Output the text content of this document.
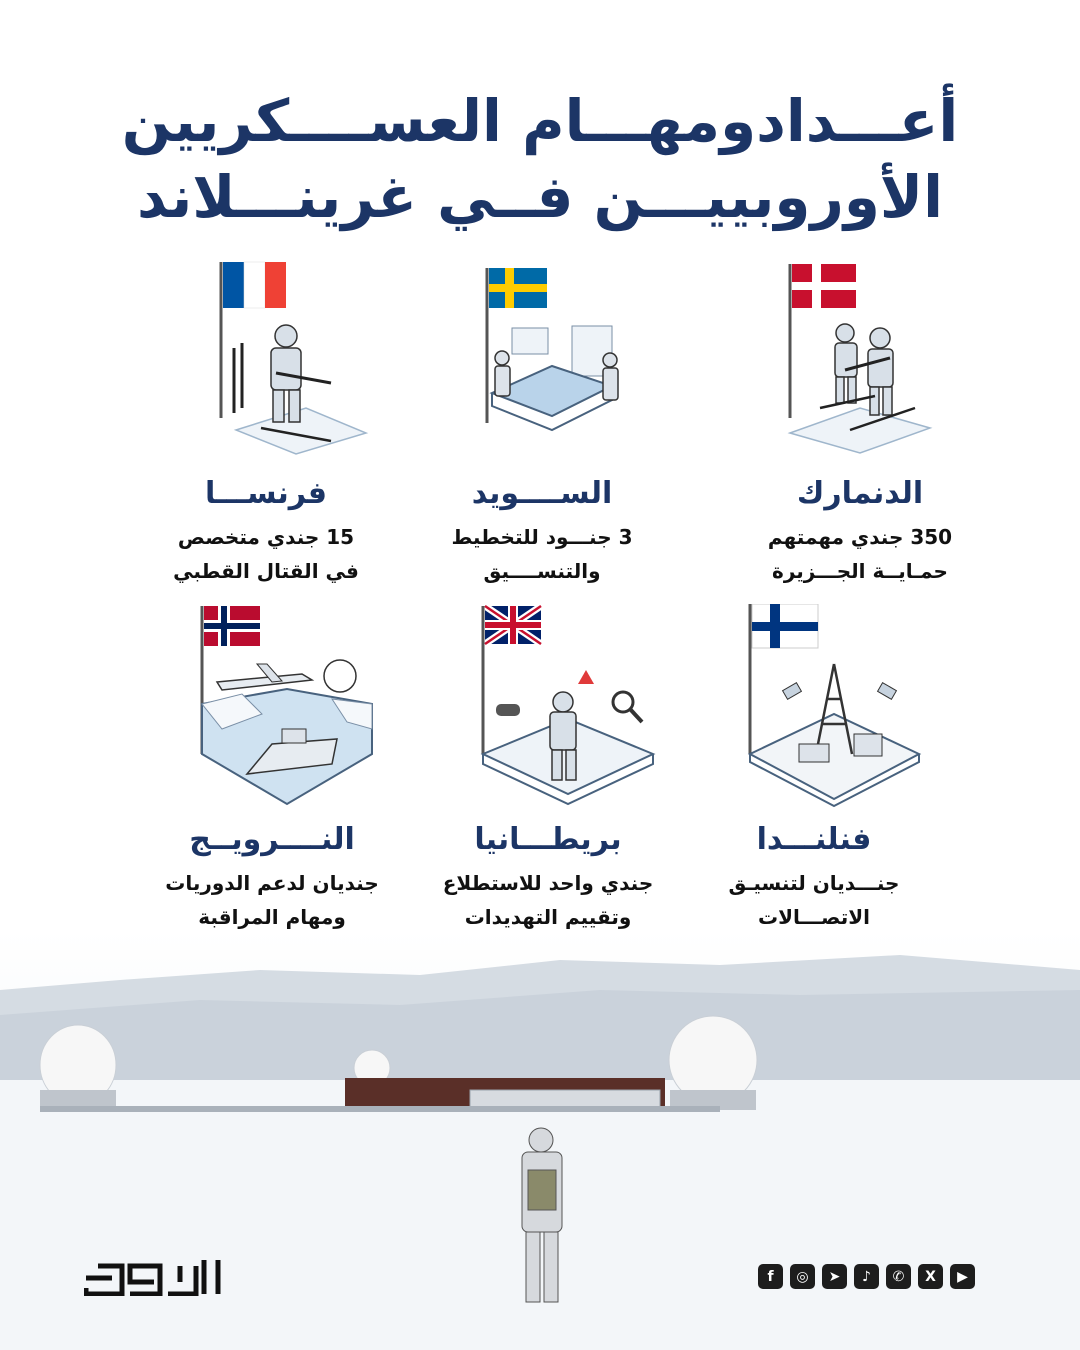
أعـــدادومهـــام العســــكريين
الأوروبييـــن فــي غرينـــلاند
الدنمارك
350 جندي مهمتهم
حمـايــة الجـــزيرة
الســــويد
3 جنـــود للتخطيط
والتنســــيق
فرنســـا
15 جندي متخصص
في القتال القطبي
فنلنـــدا
جنـــديان لتنسيـق
الاتصـــالات
بريطـــانيا
جندي واحد للاستطلاع
وتقييم التهديدات
النــــرويــج
جنديان لدعم الدوريات
ومهام المراقبة
f	◎	➤	♪	✆	X	▶
